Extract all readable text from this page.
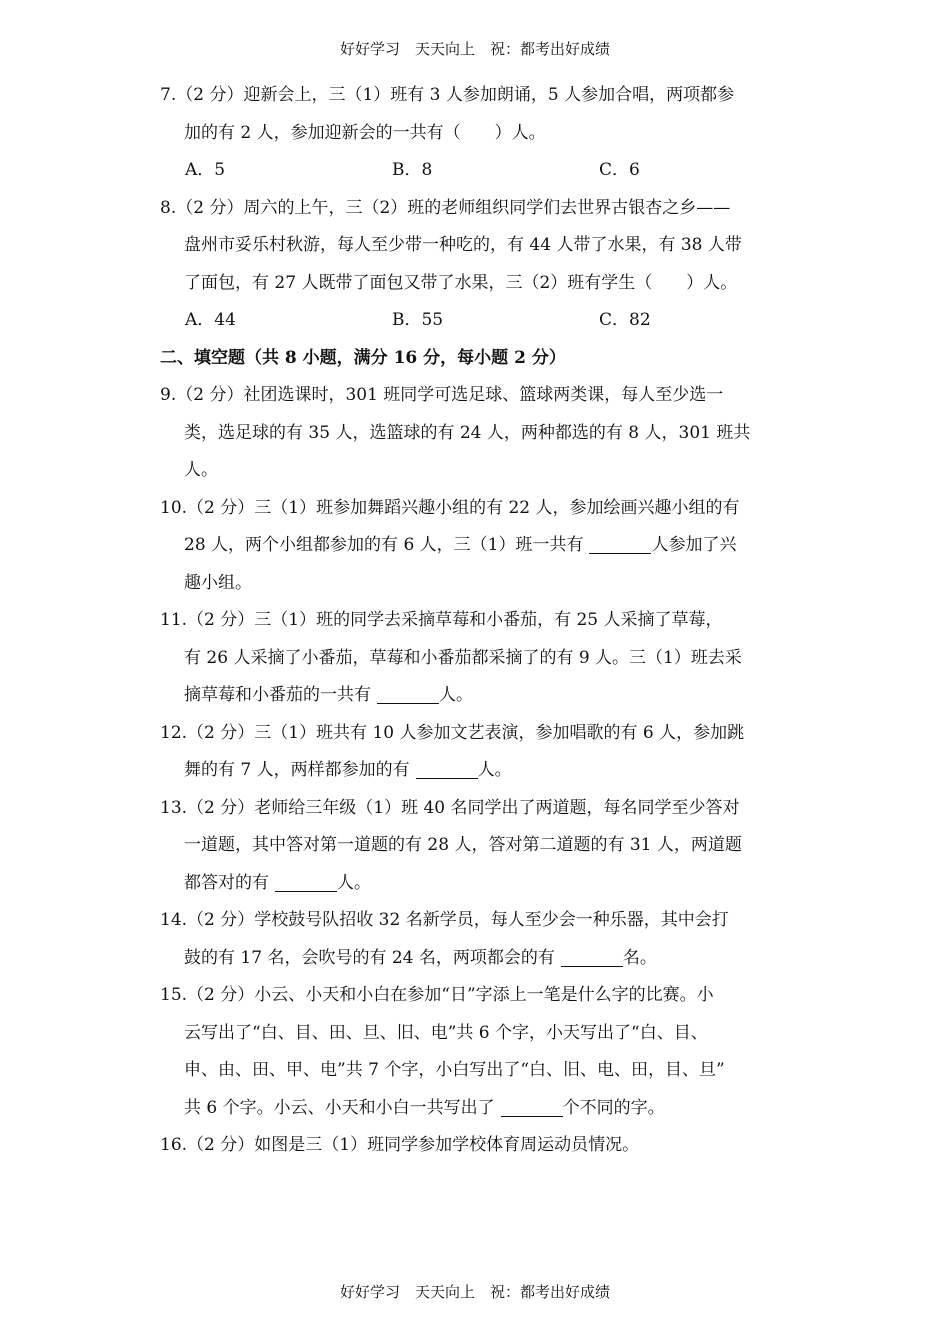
好好学习　天天向上　祝：都考出好成绩
7.（2 分）迎新会上，三（1）班有 3 人参加朗诵，5 人参加合唱，两项都参
加的有 2 人，参加迎新会的一共有（　　）人。
A．5	B．8	C．6
8.（2 分）周六的上午，三（2）班的老师组织同学们去世界古银杏之乡——
盘州市妥乐村秋游，每人至少带一种吃的，有 44 人带了水果，有 38 人带
了面包，有 27 人既带了面包又带了水果，三（2）班有学生（　　）人。
A．44	B．55	C．82
二、填空题（共 8 小题，满分 16 分，每小题 2 分）
9.（2 分）社团选课时，301 班同学可选足球、篮球两类课，每人至少选一
类，选足球的有 35 人，选篮球的有 24 人，两种都选的有 8 人，301 班共
人。
10.（2 分）三（1）班参加舞蹈兴趣小组的有 22 人，参加绘画兴趣小组的有
28 人，两个小组都参加的有 6 人，三（1）班一共有	人参加了兴
趣小组。
11.（2 分）三（1）班的同学去采摘草莓和小番茄，有 25 人采摘了草莓，
有 26 人采摘了小番茄，草莓和小番茄都采摘了的有 9 人。三（1）班去采
摘草莓和小番茄的一共有	人。
12.（2 分）三（1）班共有 10 人参加文艺表演，参加唱歌的有 6 人，参加跳
舞的有 7 人，两样都参加的有	人。
13.（2 分）老师给三年级（1）班 40 名同学出了两道题，每名同学至少答对
一道题，其中答对第一道题的有 28 人，答对第二道题的有 31 人，两道题
都答对的有	人。
14.（2 分）学校鼓号队招收 32 名新学员，每人至少会一种乐器，其中会打
鼓的有 17 名，会吹号的有 24 名，两项都会的有	名。
15.（2 分）小云、小天和小白在参加“日”字添上一笔是什么字的比赛。小
云写出了“白、目、田、旦、旧、电”共 6 个字，小天写出了“白、目、
申、由、田、甲、电”共 7 个字，小白写出了“白、旧、电、田，目、旦”
共 6 个字。小云、小天和小白一共写出了	个不同的字。
16.（2 分）如图是三（1）班同学参加学校体育周运动员情况。
好好学习　天天向上　祝：都考出好成绩
